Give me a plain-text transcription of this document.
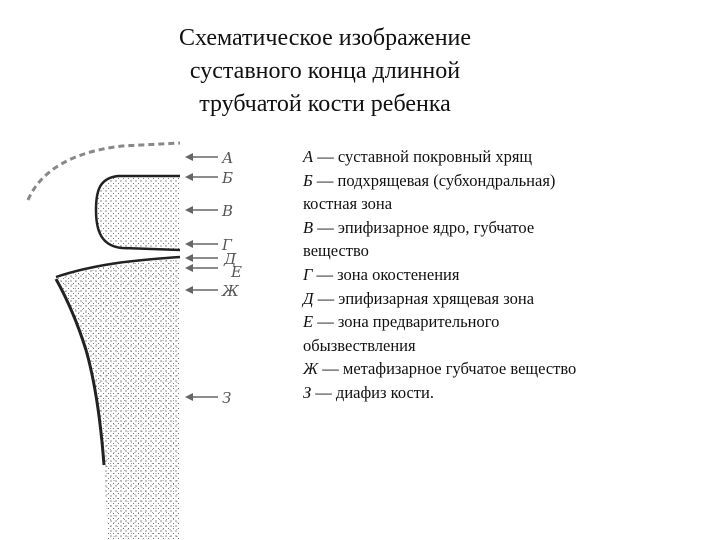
Схематическое изображение
суставного конца длинной
трубчатой кости ребенка
А
Б
В
Г
Д
Е
Ж
З
А — суставной покровный хрящ
Б — подхрящевая (субхондральная)
костная зона
В — эпифизарное ядро, губчатое
вещество
Г — зона окостенения
Д — эпифизарная хрящевая зона
Е — зона предварительного
обызвествления
Ж — метафизарное губчатое вещество
З — диафиз кости.
